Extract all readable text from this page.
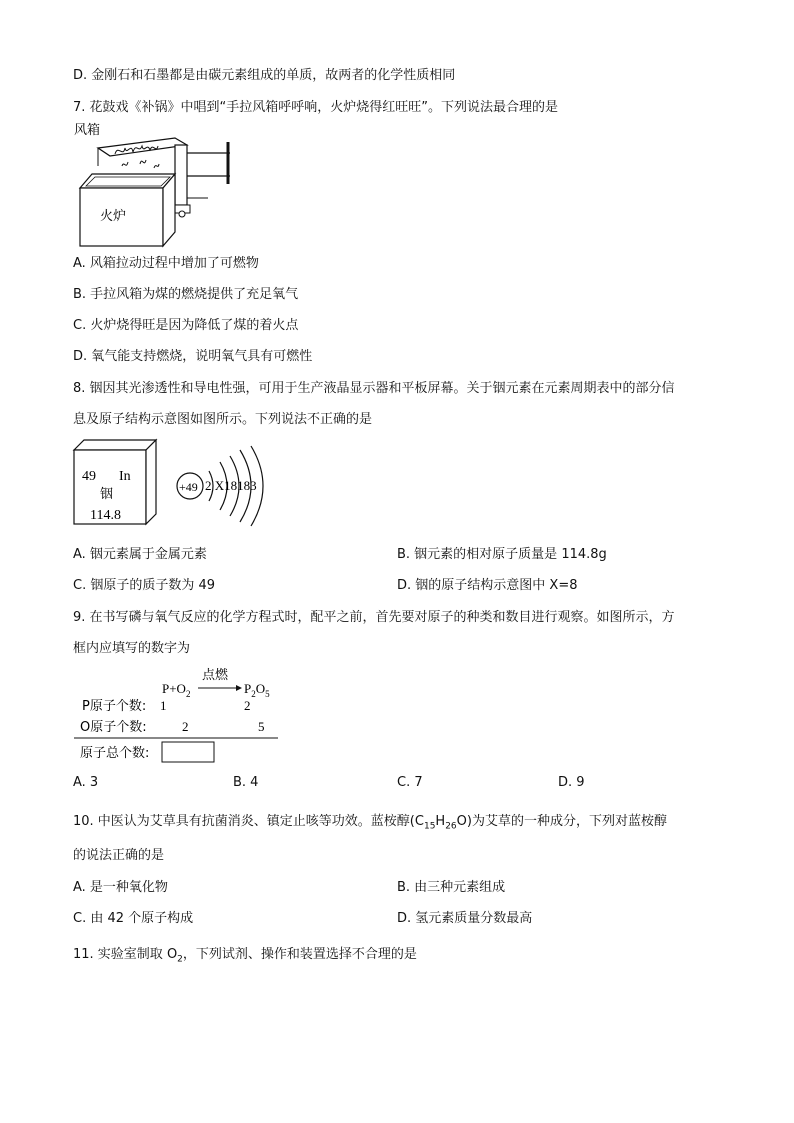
D. 金刚石和石墨都是由碳元素组成的单质，故两者的化学性质相同
7. 花鼓戏《补锅》中唱到“手拉风箱呼呼响，火炉烧得红旺旺”。下列说法最合理的是
风箱
火炉
A. 风箱拉动过程中增加了可燃物
B. 手拉风箱为煤的燃烧提供了充足氧气
C. 火炉烧得旺是因为降低了煤的着火点
D. 氧气能支持燃烧，说明氧气具有可燃性
8. 铟因其光渗透性和导电性强，可用于生产液晶显示器和平板屏幕。关于铟元素在元素周期表中的部分信
息及原子结构示意图如图所示。下列说法不正确的是
49 In
铟
114.8
+49 2 X18183
A. 铟元素属于金属元素	B. 铟元素的相对原子质量是 114.8g
C. 铟原子的质子数为 49	D. 铟的原子结构示意图中 X=8
9. 在书写磷与氧气反应的化学方程式时，配平之前，首先要对原子的种类和数目进行观察。如图所示，方
框内应填写的数字为
点燃
$P+O_2$	$P_2O_5$
P原子个数: 1	2
O原子个数:	2	5
原子总个数:
A. 3	B. 4	C. 7	D. 9
10. 中医认为艾草具有抗菌消炎、镇定止咳等功效。蓝桉醇$(C_{15}H_{26}O)$为艾草的一种成分，下列对蓝桉醇
的说法正确的是
A. 是一种氧化物	B. 由三种元素组成
C. 由 42 个原子构成	D. 氢元素质量分数最高
11. 实验室制取 $O_2$，下列试剂、操作和装置选择不合理的是
